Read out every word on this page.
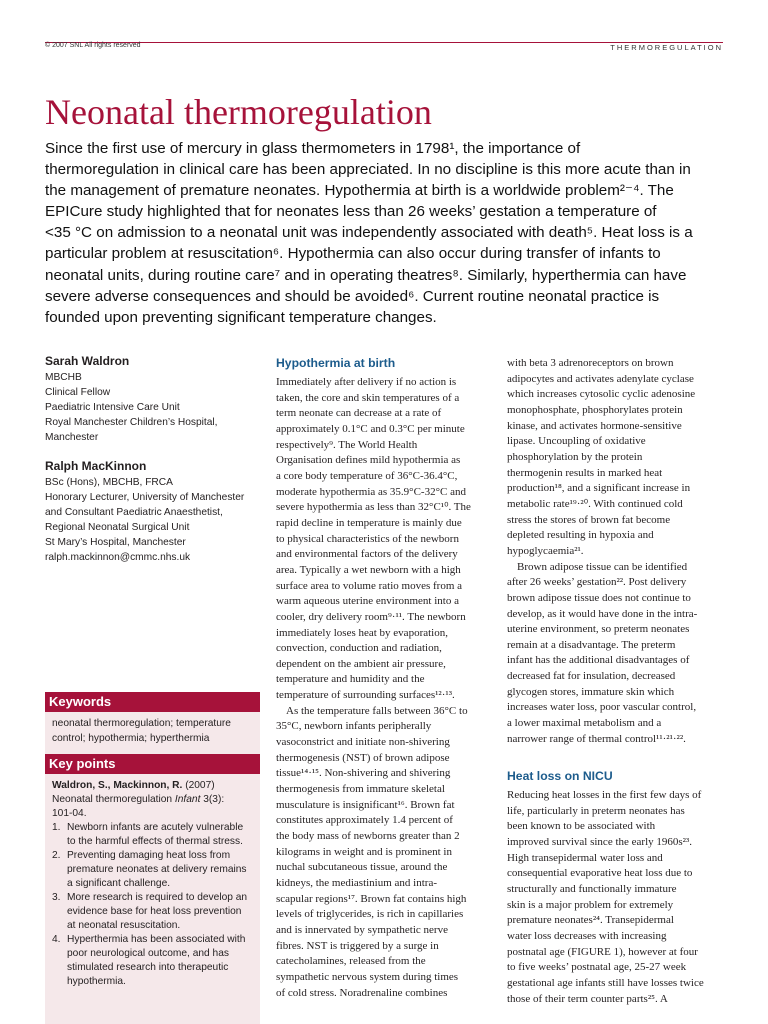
© 2007 SNL All rights reserved	THERMOREGULATION
Neonatal thermoregulation
Since the first use of mercury in glass thermometers in 1798¹, the importance of
thermoregulation in clinical care has been appreciated. In no discipline is this more acute than in
the management of premature neonates. Hypothermia at birth is a worldwide problem²⁻⁴. The
EPICure study highlighted that for neonates less than 26 weeks’ gestation a temperature of
<35 °C on admission to a neonatal unit was independently associated with death⁵. Heat loss is a
particular problem at resuscitation⁶. Hypothermia can also occur during transfer of infants to
neonatal units, during routine care⁷ and in operating theatres⁸. Similarly, hyperthermia can have
severe adverse consequences and should be avoided⁶. Current routine neonatal practice is
founded upon preventing significant temperature changes.
Sarah Waldron
MBCHB
Clinical Fellow
Paediatric Intensive Care Unit
Royal Manchester Children’s Hospital,
Manchester
Ralph MacKinnon
BSc (Hons), MBCHB, FRCA
Honorary Lecturer, University of Manchester
and Consultant Paediatric Anaesthetist,
Regional Neonatal Surgical Unit
St Mary’s Hospital, Manchester
ralph.mackinnon@cmmc.nhs.uk
Keywords
neonatal thermoregulation; temperature
control; hypothermia; hyperthermia
Key points
Waldron, S., Mackinnon, R. (2007)
Neonatal thermoregulation Infant 3(3):
101-04.
1. Newborn infants are acutely vulnerable
to the harmful effects of thermal stress.
2. Preventing damaging heat loss from
premature neonates at delivery remains
a significant challenge.
3. More research is required to develop an
evidence base for heat loss prevention
at neonatal resuscitation.
4. Hyperthermia has been associated with
poor neurological outcome, and has
stimulated research into therapeutic
hypothermia.
Hypothermia at birth
Immediately after delivery if no action is
taken, the core and skin temperatures of a
term neonate can decrease at a rate of
approximately 0.1°C and 0.3°C per minute
respectively⁹. The World Health
Organisation defines mild hypothermia as
a core body temperature of 36°C-36.4°C,
moderate hypothermia as 35.9°C-32°C and
severe hypothermia as less than 32°C¹⁰. The
rapid decline in temperature is mainly due
to physical characteristics of the newborn
and environmental factors of the delivery
area. Typically a wet newborn with a high
surface area to volume ratio moves from a
warm aqueous uterine environment into a
cooler, dry delivery room⁹·¹¹. The newborn
immediately loses heat by evaporation,
convection, conduction and radiation,
dependent on the ambient air pressure,
temperature and humidity and the
temperature of surrounding surfaces¹²·¹³.
As the temperature falls between 36°C to
35°C, newborn infants peripherally
vasoconstrict and initiate non-shivering
thermogenesis (NST) of brown adipose
tissue¹⁴·¹⁵. Non-shivering and shivering
thermogenesis from immature skeletal
musculature is insignificant¹⁶. Brown fat
constitutes approximately 1.4 percent of
the body mass of newborns greater than 2
kilograms in weight and is prominent in
nuchal subcutaneous tissue, around the
kidneys, the mediastinium and intra-
scapular regions¹⁷. Brown fat contains high
levels of triglycerides, is rich in capillaries
and is innervated by sympathetic nerve
fibres. NST is triggered by a surge in
catecholamines, released from the
sympathetic nervous system during times
of cold stress. Noradrenaline combines
with beta 3 adrenoreceptors on brown
adipocytes and activates adenylate cyclase
which increases cytosolic cyclic adenosine
monophosphate, phosphorylates protein
kinase, and activates hormone-sensitive
lipase. Uncoupling of oxidative
phosphorylation by the protein
thermogenin results in marked heat
production¹⁸, and a significant increase in
metabolic rate¹⁹·²⁰. With continued cold
stress the stores of brown fat become
depleted resulting in hypoxia and
hypoglycaemia²¹.
Brown adipose tissue can be identified
after 26 weeks’ gestation²². Post delivery
brown adipose tissue does not continue to
develop, as it would have done in the intra-
uterine environment, so preterm neonates
remain at a disadvantage. The preterm
infant has the additional disadvantages of
decreased fat for insulation, decreased
glycogen stores, immature skin which
increases water loss, poor vascular control,
a lower maximal metabolism and a
narrower range of thermal control¹¹·²¹·²².
Heat loss on NICU
Reducing heat losses in the first few days of
life, particularly in preterm neonates has
been known to be associated with
improved survival since the early 1960s²³.
High transepidermal water loss and
consequential evaporative heat loss due to
structurally and functionally immature
skin is a major problem for extremely
premature neonates²⁴. Transepidermal
water loss decreases with increasing
postnatal age (FIGURE 1), however at four
to five weeks’ postnatal age, 25-27 week
gestational age infants still have losses twice
those of their term counter parts²⁵. A
